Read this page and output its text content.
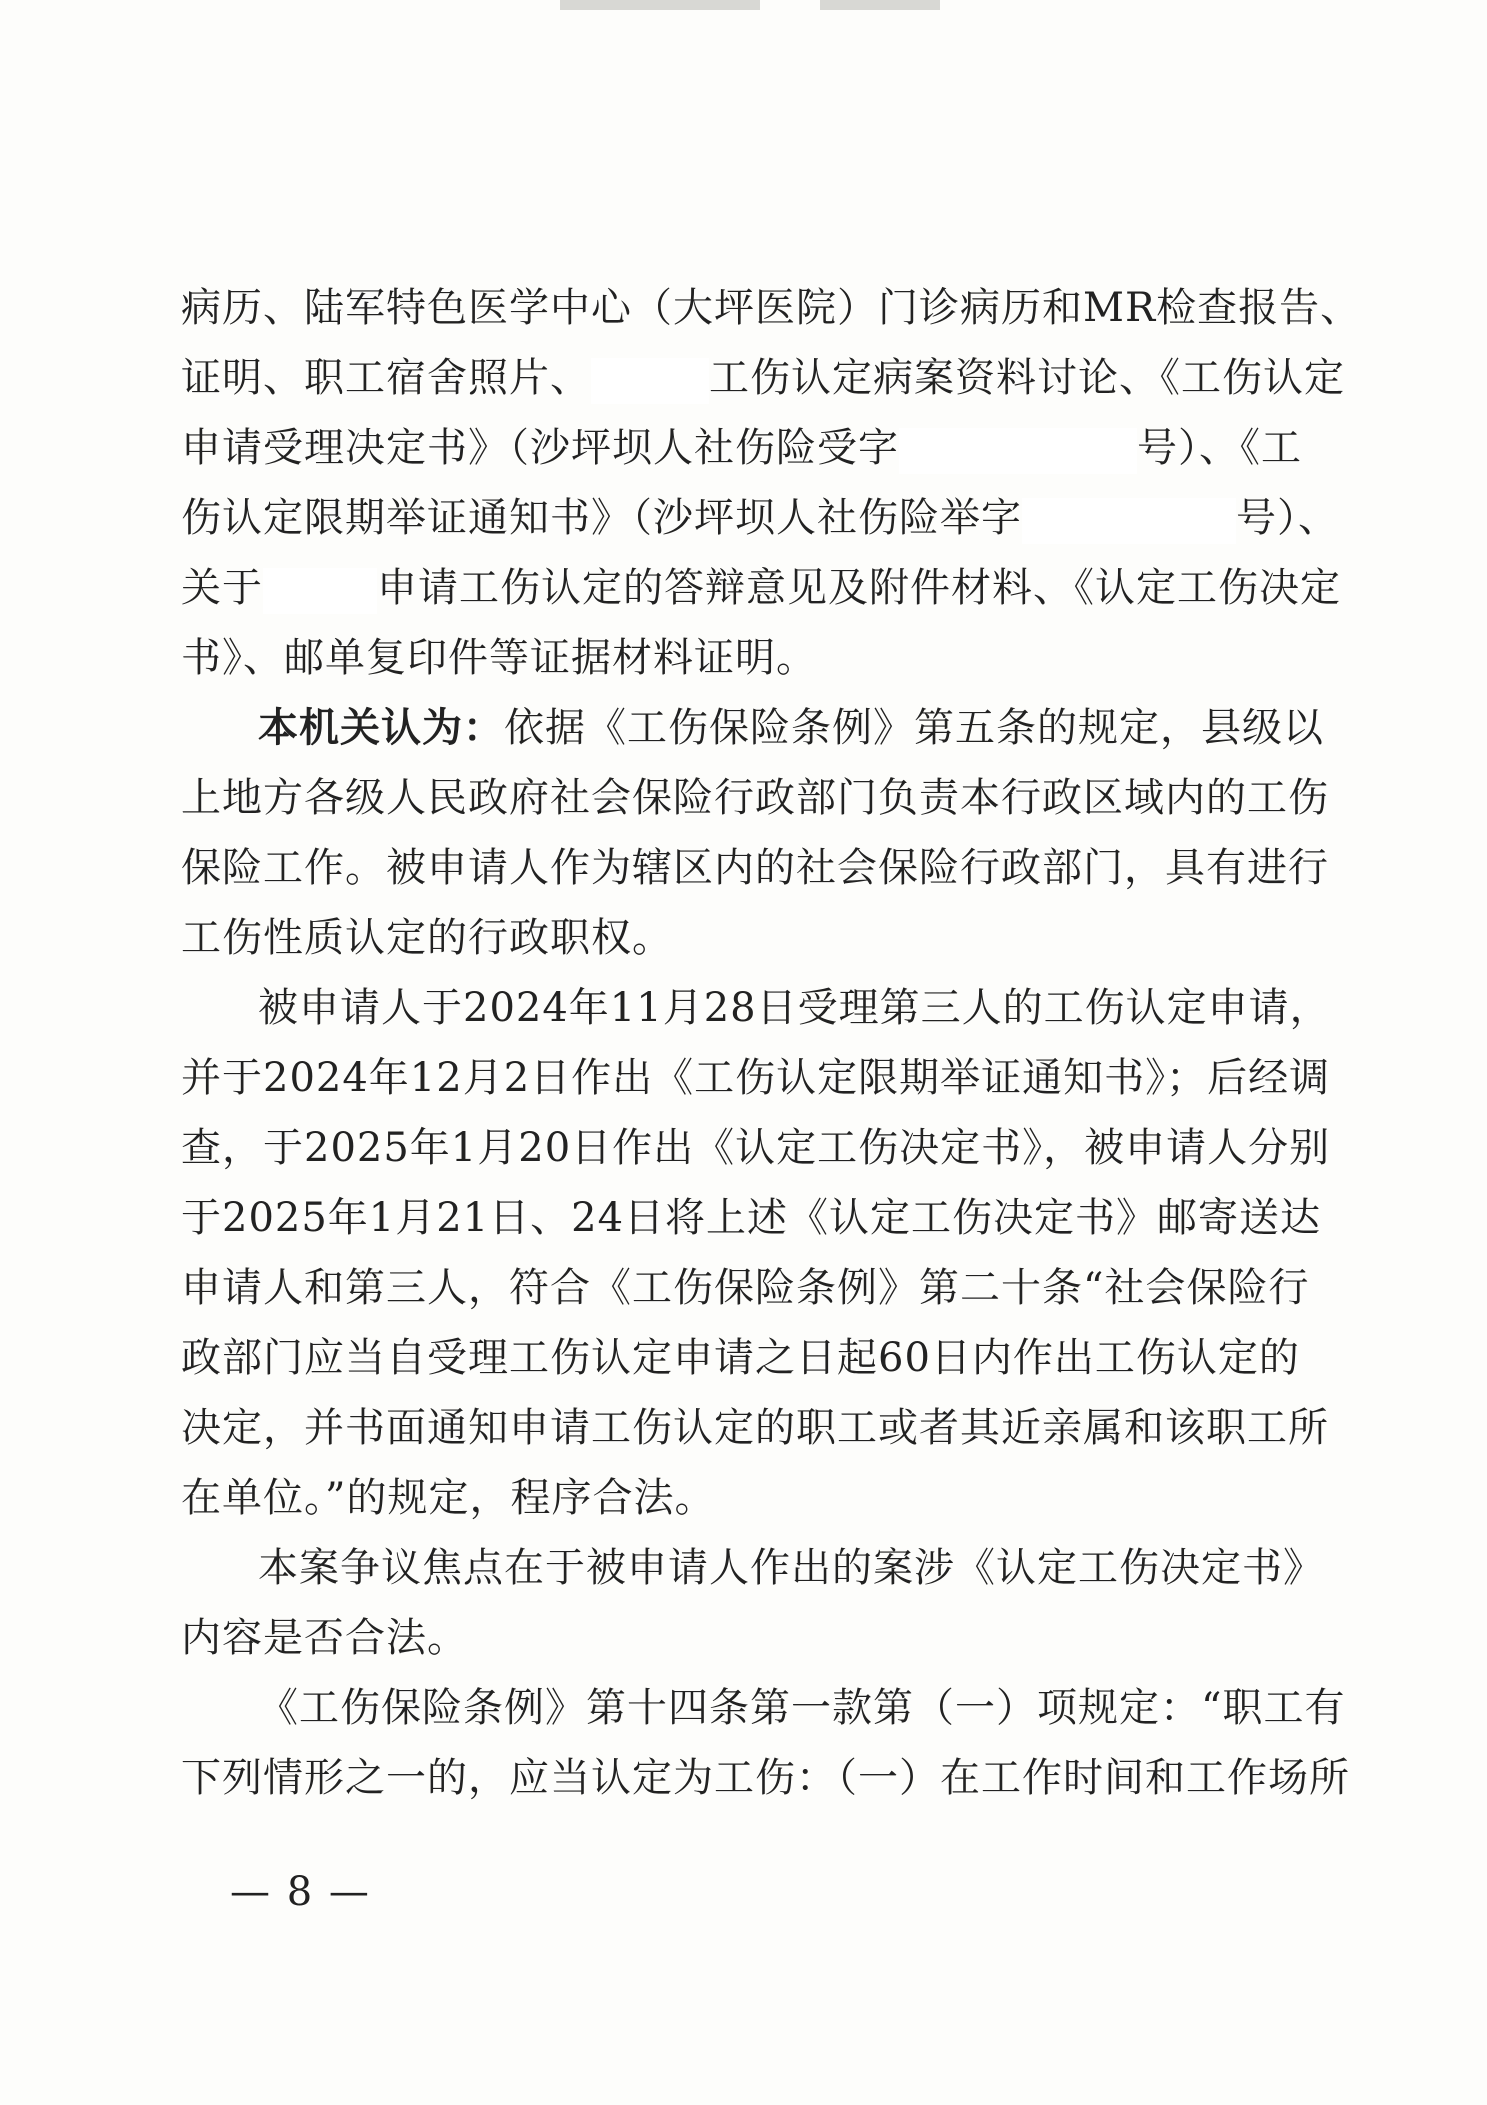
病历、陆军特色医学中心（大坪医院）门诊病历和MR检查报告、
证明、职工宿舍照片、	工伤认定病案资料讨论、《工伤认定
申请受理决定书》（沙坪坝人社伤险受字	号）、《工
伤认定限期举证通知书》（沙坪坝人社伤险举字	号）、
关于	申请工伤认定的答辩意见及附件材料、《认定工伤决定
书》、邮单复印件等证据材料证明。
本机关认为：依据《工伤保险条例》第五条的规定，县级以
上地方各级人民政府社会保险行政部门负责本行政区域内的工伤
保险工作。被申请人作为辖区内的社会保险行政部门，具有进行
工伤性质认定的行政职权。
被申请人于2024年11月28日受理第三人的工伤认定申请，
并于2024年12月2日作出《工伤认定限期举证通知书》；后经调
查，于2025年1月20日作出《认定工伤决定书》，被申请人分别
于2025年1月21日、24日将上述《认定工伤决定书》邮寄送达
申请人和第三人，符合《工伤保险条例》第二十条“社会保险行
政部门应当自受理工伤认定申请之日起60日内作出工伤认定的
决定，并书面通知申请工伤认定的职工或者其近亲属和该职工所
在单位。”的规定，程序合法。
本案争议焦点在于被申请人作出的案涉《认定工伤决定书》
内容是否合法。
《工伤保险条例》第十四条第一款第（一）项规定：“职工有
下列情形之一的，应当认定为工伤：（一）在工作时间和工作场所
— 8 —
